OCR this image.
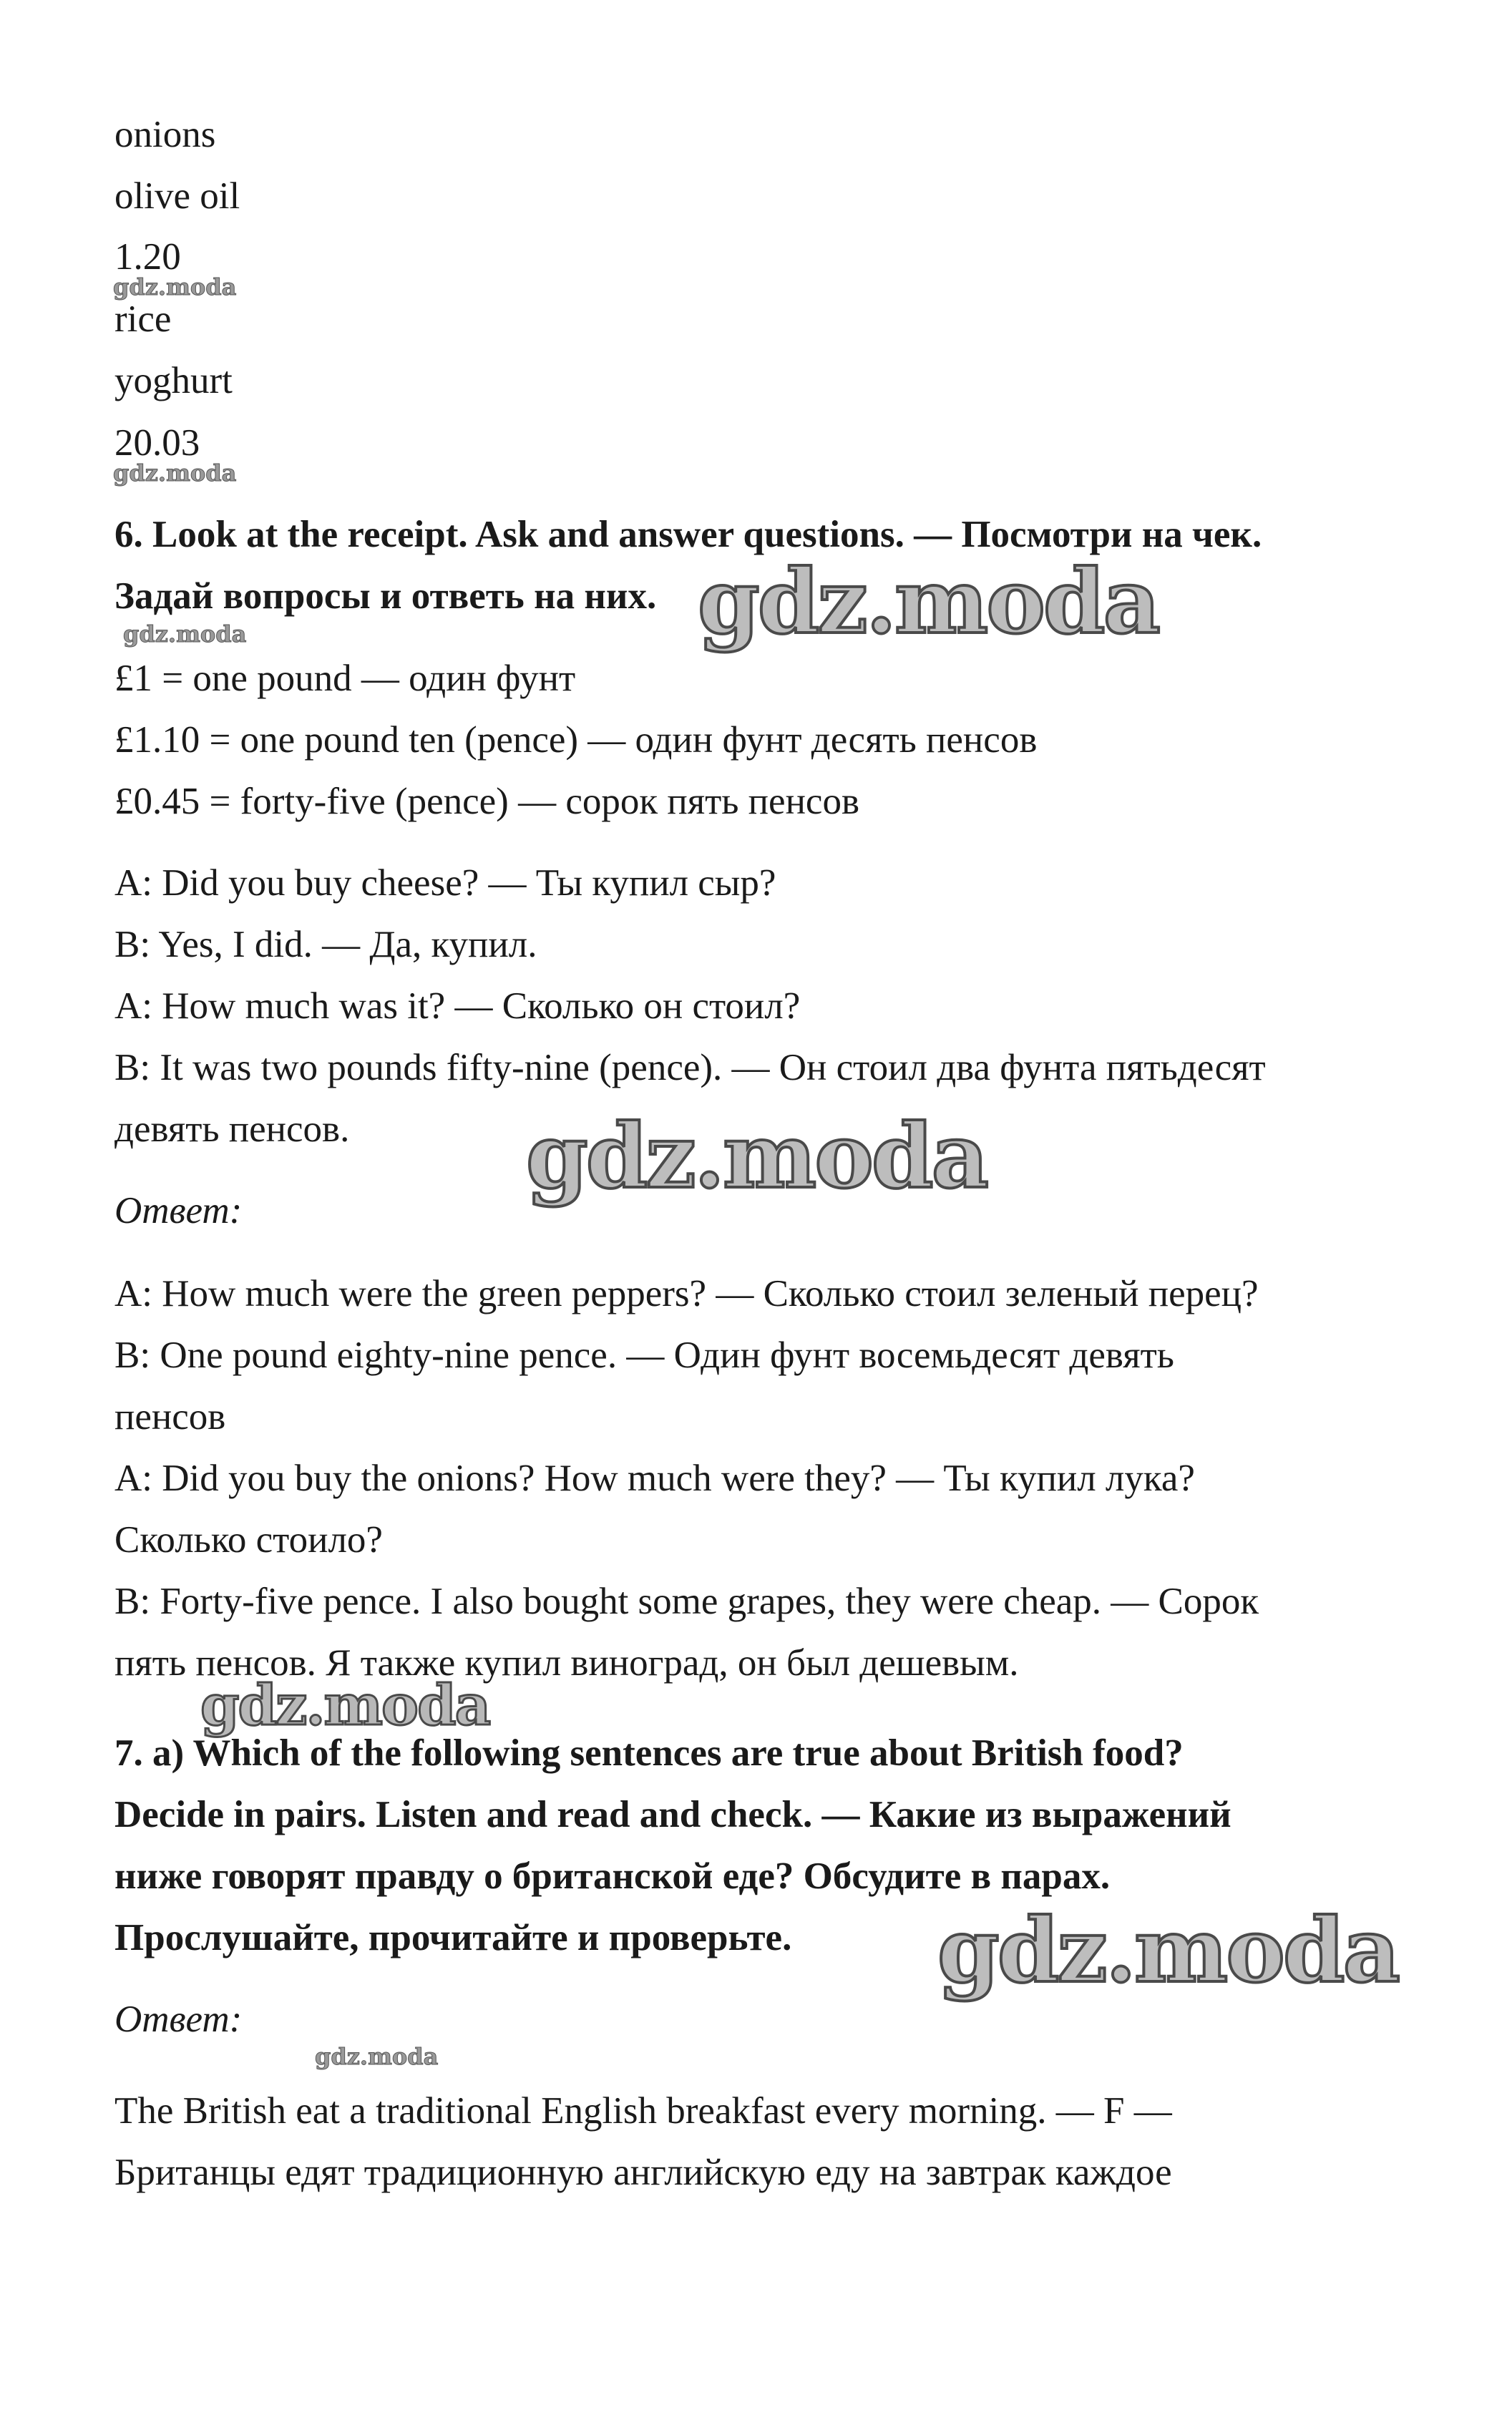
onions
olive oil
1.20
rice
yoghurt
20.03
6. Look at the receipt. Ask and answer questions. — Посмотри на чек.
Задай вопросы и ответь на них.
£1 = one pound — один фунт
£1.10 = one pound ten (pence) — один фунт десять пенсов
£0.45 = forty-five (pence) — сорок пять пенсов
A: Did you buy cheese? — Ты купил сыр?
B: Yes, I did. — Да, купил.
A: How much was it? — Сколько он стоил?
B: It was two pounds fifty-nine (pence). — Он стоил два фунта пятьдесят
девять пенсов.
Ответ:
A: How much were the green peppers? — Сколько стоил зеленый перец?
B: One pound eighty-nine pence. — Один фунт восемьдесят девять
пенсов
A: Did you buy the onions? How much were they? — Ты купил лука?
Сколько стоило?
B: Forty-five pence. I also bought some grapes, they were cheap. — Сорок
пять пенсов. Я также купил виноград, он был дешевым.
7. a) Which of the following sentences are true about British food?
Decide in pairs. Listen and read and check. — Какие из выражений
ниже говорят правду о британской еде? Обсудите в парах.
Прослушайте, прочитайте и проверьте.
Ответ:
The British eat a traditional English breakfast every morning. — F —
Британцы едят традиционную английскую еду на завтрак каждое
gdz.moda
gdz.moda
gdz.moda	gdz.moda
gdz.moda
gdz.moda
gdz.moda
gdz.moda
